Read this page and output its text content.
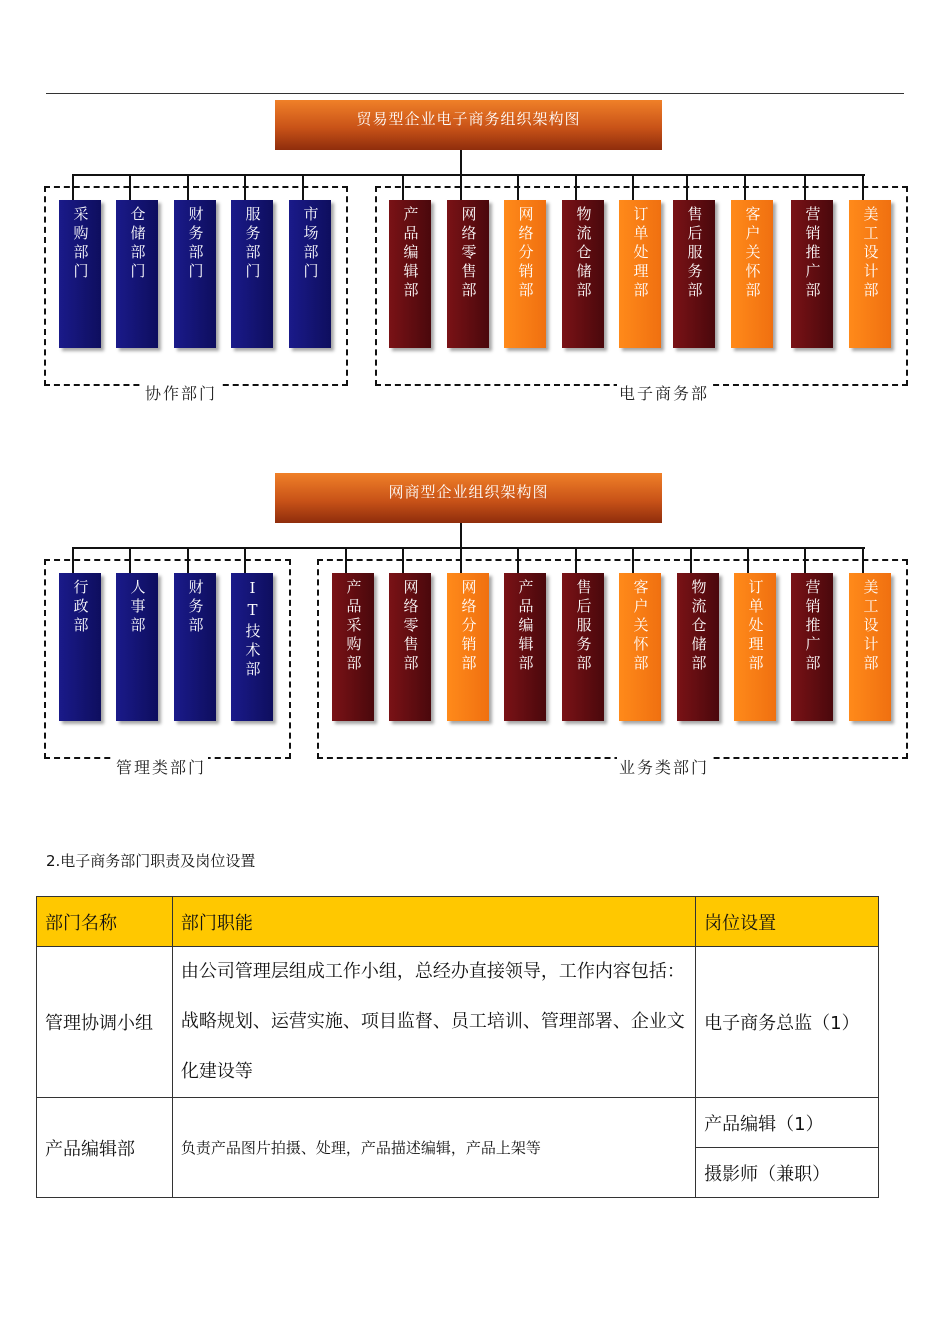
贸易型企业电子商务组织架构图
协作部门	电子商务部
采购部门	仓储部门	财务部门	服务部门	市场部门	产品编辑部	网络零售部	网络分销部	物流仓储部	订单处理部 售后服务部	客户关怀部	营销推广部	美工设计部
网商型企业组织架构图
管理类部门	业务类部门
行政部	人事部	财务部	IT技术部	产品采购部	网络零售部	网络分销部	产品编辑部	售后服务部	客户关怀部	物流仓储部	订单处理部	营销推广部	美工设计部
2.电子商务部门职责及岗位设置
部门名称	部门职能	岗位设置
管理协调小组	由公司管理层组成工作小组，总经办直接领导，工作内容包括：战略规划、运营实施、项目监督、员工培训、管理部署、企业文化建设等	电子商务总监（1）
产品编辑部	负责产品图片拍摄、处理，产品描述编辑，产品上架等	产品编辑（1）
		摄影师（兼职）
